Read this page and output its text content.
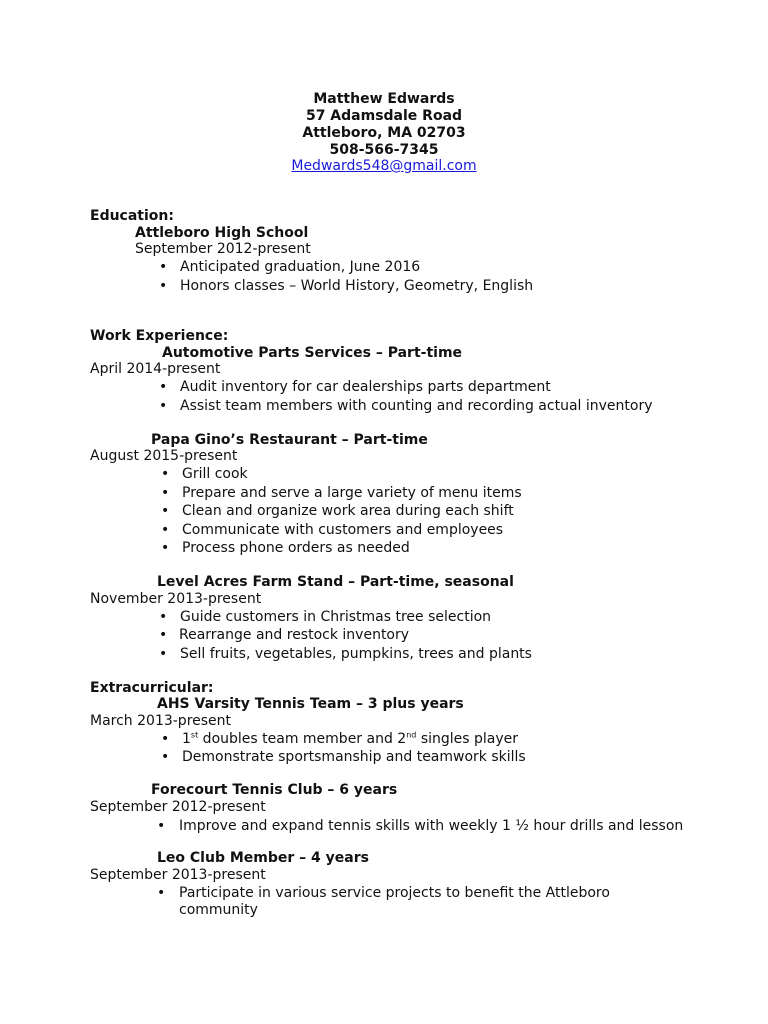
Matthew Edwards
57 Adamsdale Road
Attleboro, MA 02703
508-566-7345
Medwards548@gmail.com
Education:
Attleboro High School
September 2012-present
• Anticipated graduation, June 2016
• Honors classes – World History, Geometry, English
Work Experience:
Automotive Parts Services – Part-time
April 2014-present
• Audit inventory for car dealerships parts department
• Assist team members with counting and recording actual inventory
Papa Gino’s Restaurant – Part-time
August 2015-present
• Grill cook
• Prepare and serve a large variety of menu items
• Clean and organize work area during each shift
• Communicate with customers and employees
• Process phone orders as needed
Level Acres Farm Stand – Part-time, seasonal
November 2013-present
• Guide customers in Christmas tree selection
• Rearrange and restock inventory
• Sell fruits, vegetables, pumpkins, trees and plants
Extracurricular:
AHS Varsity Tennis Team – 3 plus years
March 2013-present
• 1st doubles team member and 2nd singles player
• Demonstrate sportsmanship and teamwork skills
Forecourt Tennis Club – 6 years
September 2012-present
• Improve and expand tennis skills with weekly 1 ½ hour drills and lesson
Leo Club Member – 4 years
September 2013-present
• Participate in various service projects to benefit the Attleboro community
